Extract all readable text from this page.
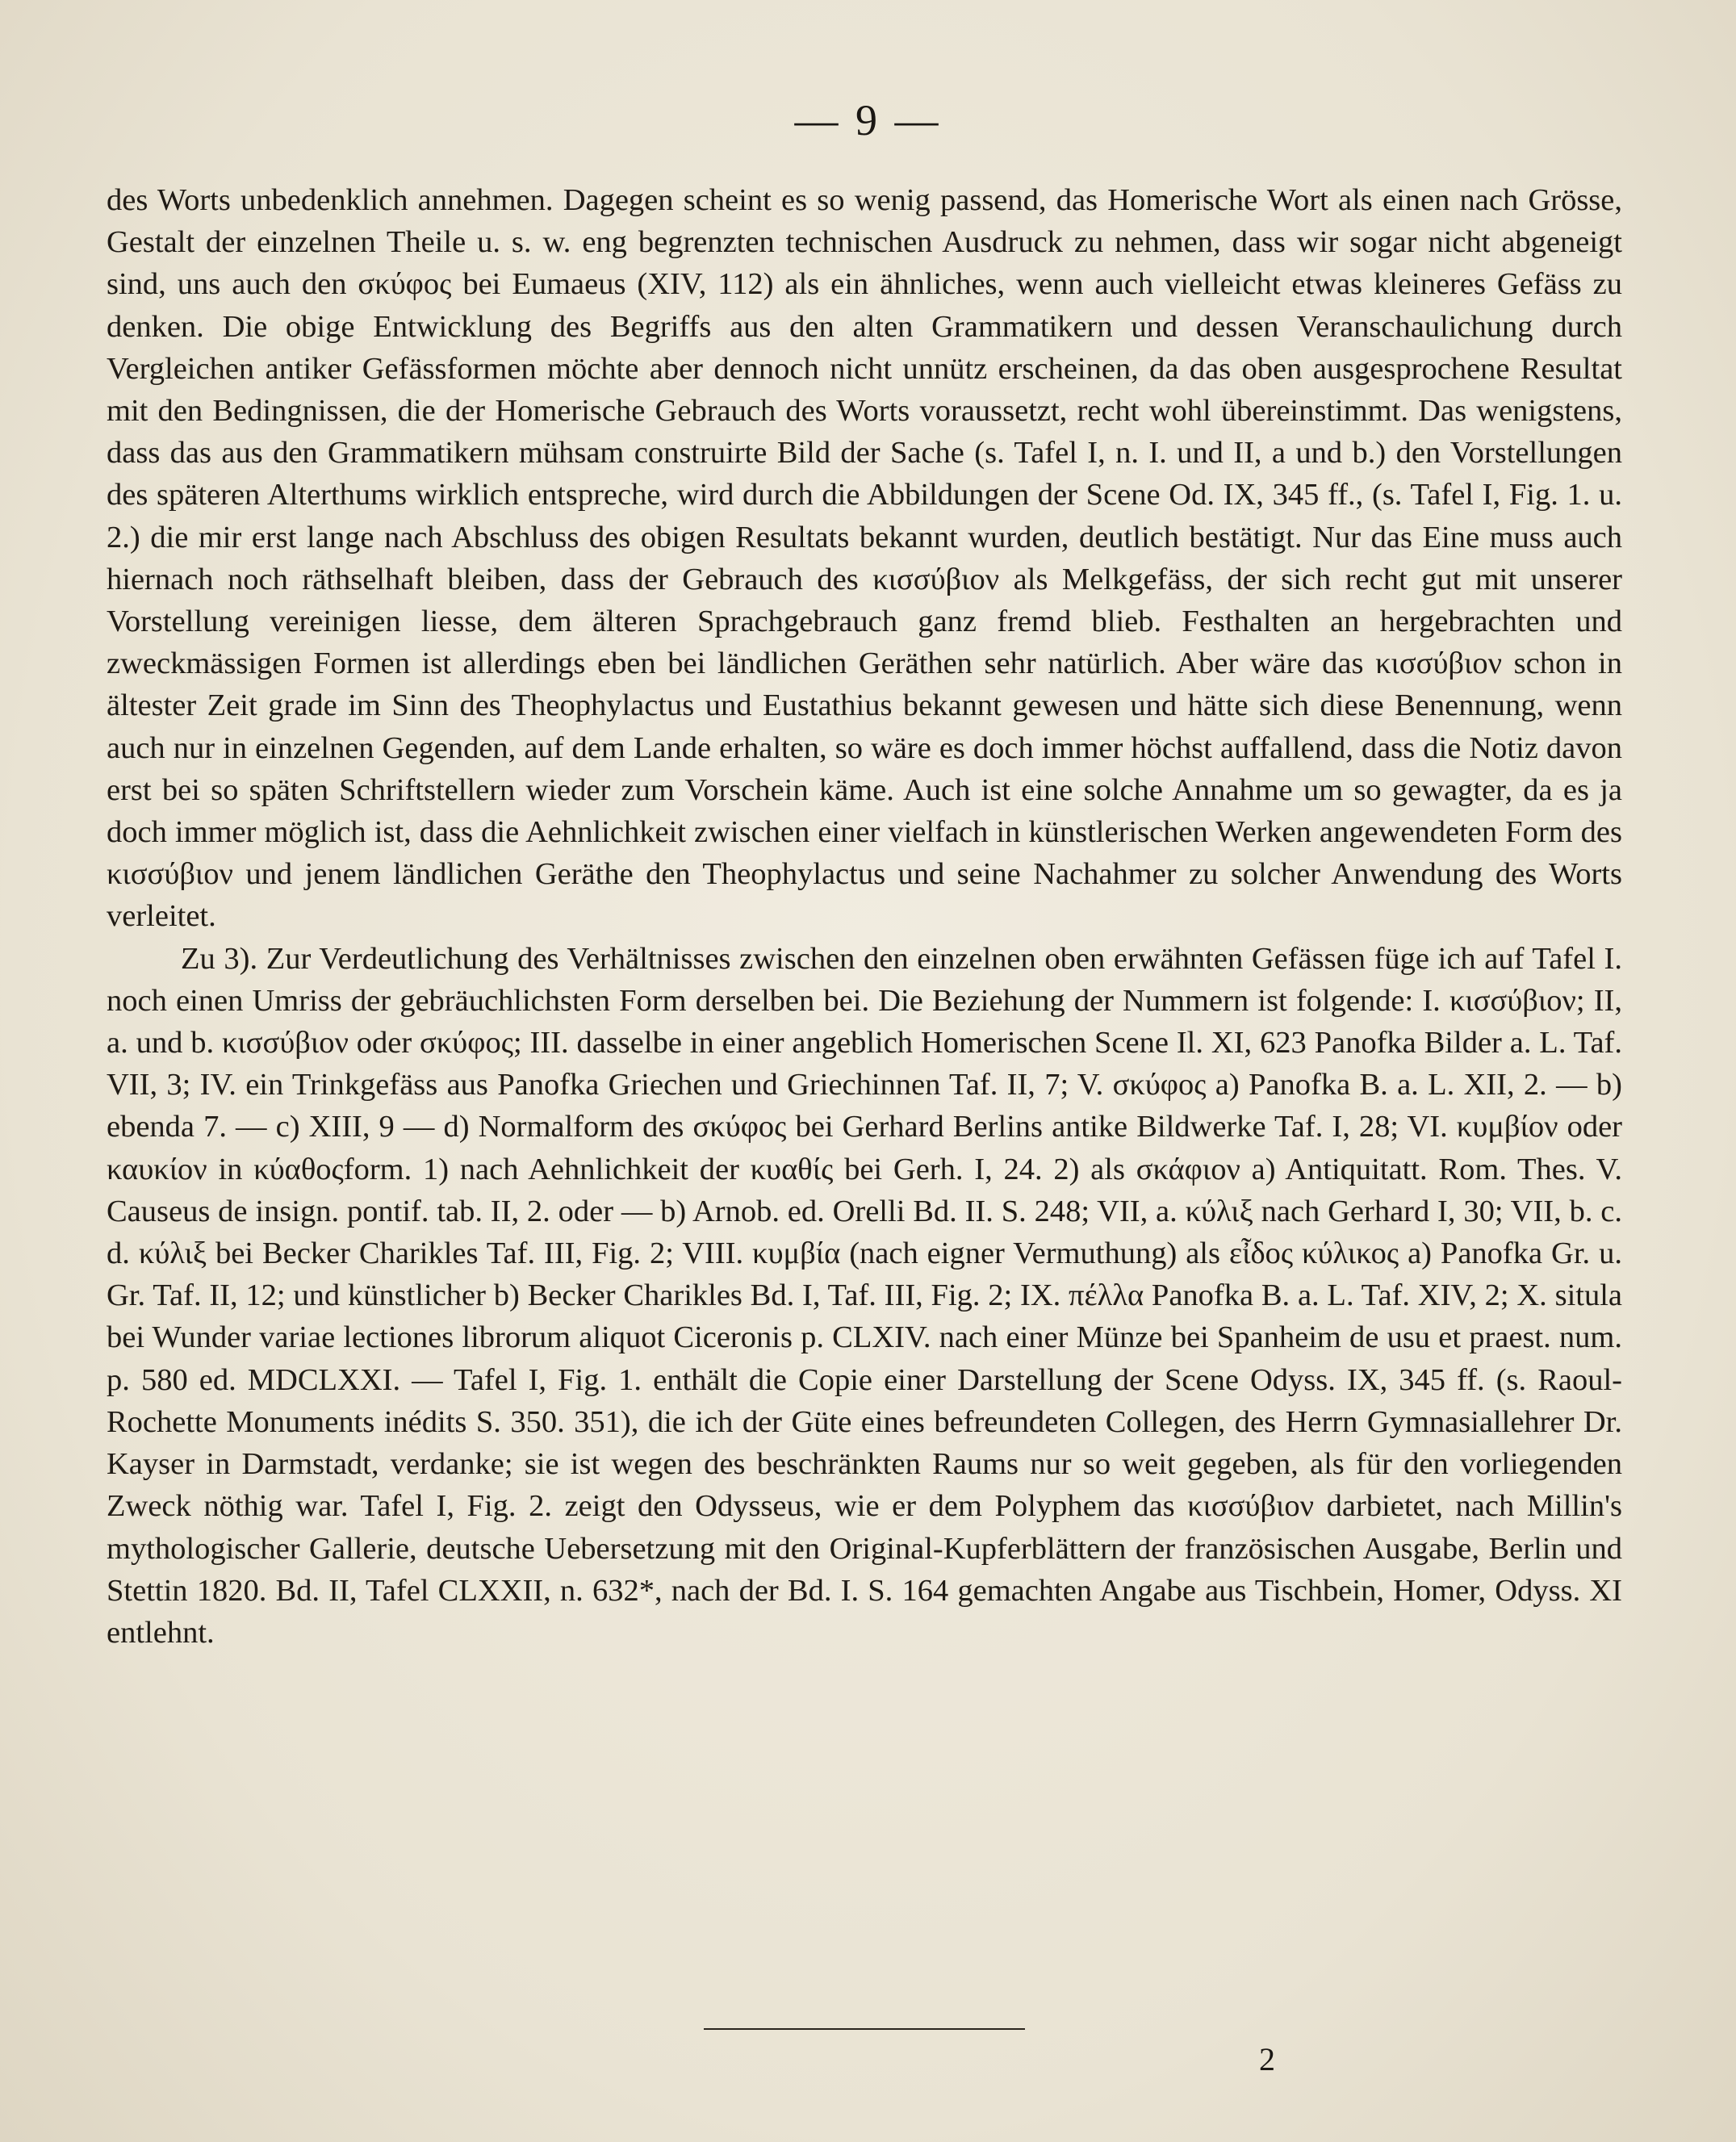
— 9 —

des Worts unbedenklich annehmen. Dagegen scheint es so wenig passend, das Homerische Wort als einen nach Grösse, Gestalt der einzelnen Theile u. s. w. eng begrenzten technischen Ausdruck zu nehmen, dass wir sogar nicht abgeneigt sind, uns auch den σκύφος bei Eumaeus (XIV, 112) als ein ähnliches, wenn auch vielleicht etwas kleineres Gefäss zu denken. Die obige Entwicklung des Begriffs aus den alten Grammatikern und dessen Veranschaulichung durch Vergleichen antiker Gefässformen möchte aber dennoch nicht unnütz erscheinen, da das oben ausgesprochene Resultat mit den Bedingnissen, die der Homerische Gebrauch des Worts voraussetzt, recht wohl übereinstimmt. Das wenigstens, dass das aus den Grammatikern mühsam construirte Bild der Sache (s. Tafel I, n. I. und II, a und b.) den Vorstellungen des späteren Alterthums wirklich entspreche, wird durch die Abbildungen der Scene Od. IX, 345 ff., (s. Tafel I, Fig. 1. u. 2.) die mir erst lange nach Abschluss des obigen Resultats bekannt wurden, deutlich bestätigt. Nur das Eine muss auch hiernach noch räthselhaft bleiben, dass der Gebrauch des κισσύβιον als Melkgefäss, der sich recht gut mit unserer Vorstellung vereinigen liesse, dem älteren Sprachgebrauch ganz fremd blieb. Festhalten an hergebrachten und zweckmässigen Formen ist allerdings eben bei ländlichen Geräthen sehr natürlich. Aber wäre das κισσύβιον schon in ältester Zeit grade im Sinn des Theophylactus und Eustathius bekannt gewesen und hätte sich diese Benennung, wenn auch nur in einzelnen Gegenden, auf dem Lande erhalten, so wäre es doch immer höchst auffallend, dass die Notiz davon erst bei so späten Schriftstellern wieder zum Vorschein käme. Auch ist eine solche Annahme um so gewagter, da es ja doch immer möglich ist, dass die Aehnlichkeit zwischen einer vielfach in künstlerischen Werken angewendeten Form des κισσύβιον und jenem ländlichen Geräthe den Theophylactus und seine Nachahmer zu solcher Anwendung des Worts verleitet.

Zu 3). Zur Verdeutlichung des Verhältnisses zwischen den einzelnen oben erwähnten Gefässen füge ich auf Tafel I. noch einen Umriss der gebräuchlichsten Form derselben bei. Die Beziehung der Nummern ist folgende: I. κισσύβιον; II, a. und b. κισσύβιον oder σκύφος; III. dasselbe in einer angeblich Homerischen Scene Il. XI, 623 Panofka Bilder a. L. Taf. VII, 3; IV. ein Trinkgefäss aus Panofka Griechen und Griechinnen Taf. II, 7; V. σκύφος a) Panofka B. a. L. XII, 2. — b) ebenda 7. — c) XIII, 9 — d) Normalform des σκύφος bei Gerhard Berlins antike Bildwerke Taf. I, 28; VI. κυμβίον oder καυκίον in κύαθοςform. 1) nach Aehnlichkeit der κυαθίς bei Gerh. I, 24. 2) als σκάφιον a) Antiquitatt. Rom. Thes. V. Causeus de insign. pontif. tab. II, 2. oder — b) Arnob. ed. Orelli Bd. II. S. 248; VII, a. κύλιξ nach Gerhard I, 30; VII, b. c. d. κύλιξ bei Becker Charikles Taf. III, Fig. 2; VIII. κυμβία (nach eigner Vermuthung) als εἶδος κύλικος a) Panofka Gr. u. Gr. Taf. II, 12; und künstlicher b) Becker Charikles Bd. I, Taf. III, Fig. 2; IX. πέλλα Panofka B. a. L. Taf. XIV, 2; X. situla bei Wunder variae lectiones librorum aliquot Ciceronis p. CLXIV. nach einer Münze bei Spanheim de usu et praest. num. p. 580 ed. MDCLXXI. — Tafel I, Fig. 1. enthält die Copie einer Darstellung der Scene Odyss. IX, 345 ff. (s. Raoul-Rochette Monuments inédits S. 350. 351), die ich der Güte eines befreundeten Collegen, des Herrn Gymnasiallehrer Dr. Kayser in Darmstadt, verdanke; sie ist wegen des beschränkten Raums nur so weit gegeben, als für den vorliegenden Zweck nöthig war. Tafel I, Fig. 2. zeigt den Odysseus, wie er dem Polyphem das κισσύβιον darbietet, nach Millin's mythologischer Gallerie, deutsche Uebersetzung mit den Original-Kupferblättern der französischen Ausgabe, Berlin und Stettin 1820. Bd. II, Tafel CLXXII, n. 632*, nach der Bd. I. S. 164 gemachten Angabe aus Tischbein, Homer, Odyss. XI entlehnt.

2
